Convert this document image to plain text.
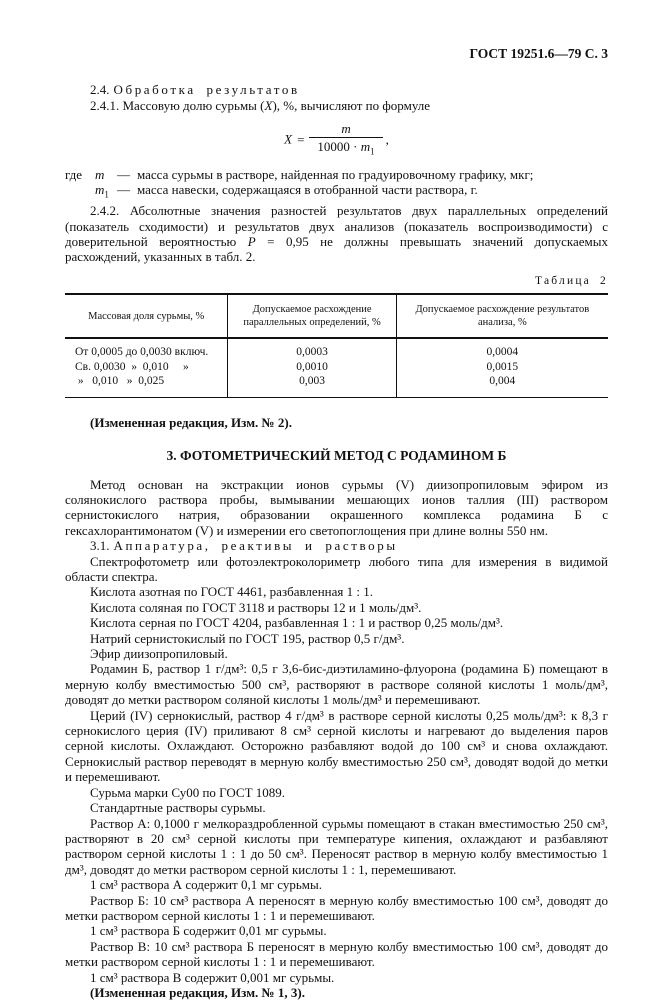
ГОСТ 19251.6—79 С. 3

2.4. Обработка результатов

2.4.1. Массовую долю сурьмы (X), %, вычисляют по формуле

$X = \frac{m}{10000 \cdot m_1}$ ,
где m — масса сурьмы в растворе, найденная по градуировочному графику, мкг;
$m_1$ — масса навески, содержащаяся в отобранной части раствора, г.

2.4.2. Абсолютные значения разностей результатов двух параллельных определений (показатель сходимости) и результатов двух анализов (показатель воспроизводимости) с доверительной вероятностью P = 0,95 не должны превышать значений допускаемых расхождений, указанных в табл. 2.

Таблица 2

Массовая доля сурьмы, %	Допускаемое расхождение параллельных определений, %	Допускаемое расхождение результатов анализа, %
От 0,0005 до 0,0030 включ.	0,0003	0,0004
Св. 0,0030  »  0,010     »	0,0010	0,0015
»   0,010   »  0,025	0,003	0,004

(Измененная редакция, Изм. № 2).

3. ФОТОМЕТРИЧЕСКИЙ МЕТОД С РОДАМИНОМ Б

Метод основан на экстракции ионов сурьмы (V) диизопропиловым эфиром из солянокислого раствора пробы, вымывании мешающих ионов таллия (III) раствором сернистокислого натрия, образовании окрашенного комплекса родамина Б с гексахлорантимонатом (V) и измерении его светопоглощения при длине волны 550 нм.

3.1. Аппаратура, реактивы и растворы

Спектрофотометр или фотоэлектроколориметр любого типа для измерения в видимой области спектра.

Кислота азотная по ГОСТ 4461, разбавленная 1 : 1.

Кислота соляная по ГОСТ 3118 и растворы 12 и 1 моль/дм³.

Кислота серная по ГОСТ 4204, разбавленная 1 : 1 и раствор 0,25 моль/дм³.

Натрий сернистокислый по ГОСТ 195, раствор 0,5 г/дм³.

Эфир диизопропиловый.

Родамин Б, раствор 1 г/дм³: 0,5 г 3,6-бис-диэтиламино-флуорона (родамина Б) помещают в мерную колбу вместимостью 500 см³, растворяют в растворе соляной кислоты 1 моль/дм³, доводят до метки раствором соляной кислоты 1 моль/дм³ и перемешивают.

Церий (IV) сернокислый, раствор 4 г/дм³ в растворе серной кислоты 0,25 моль/дм³: к 8,3 г сернокислого церия (IV) приливают 8 см³ серной кислоты и нагревают до выделения паров серной кислоты. Охлаждают. Осторожно разбавляют водой до 100 см³ и снова охлаждают. Сернокислый раствор переводят в мерную колбу вместимостью 250 см³, доводят водой до метки и перемешивают.

Сурьма марки Су00 по ГОСТ 1089.

Стандартные растворы сурьмы.

Раствор А: 0,1000 г мелкораздробленной сурьмы помещают в стакан вместимостью 250 см³, растворяют в 20 см³ серной кислоты при температуре кипения, охлаждают и разбавляют раствором серной кислоты 1 : 1 до 50 см³. Переносят раствор в мерную колбу вместимостью 1 дм³, доводят до метки раствором серной кислоты 1 : 1, перемешивают.

1 см³ раствора А содержит 0,1 мг сурьмы.

Раствор Б: 10 см³ раствора А переносят в мерную колбу вместимостью 100 см³, доводят до метки раствором серной кислоты 1 : 1 и перемешивают.

1 см³ раствора Б содержит 0,01 мг сурьмы.

Раствор В: 10 см³ раствора Б переносят в мерную колбу вместимостью 100 см³, доводят до метки раствором серной кислоты 1 : 1 и перемешивают.

1 см³ раствора В содержит 0,001 мг сурьмы.

(Измененная редакция, Изм. № 1, 3).
